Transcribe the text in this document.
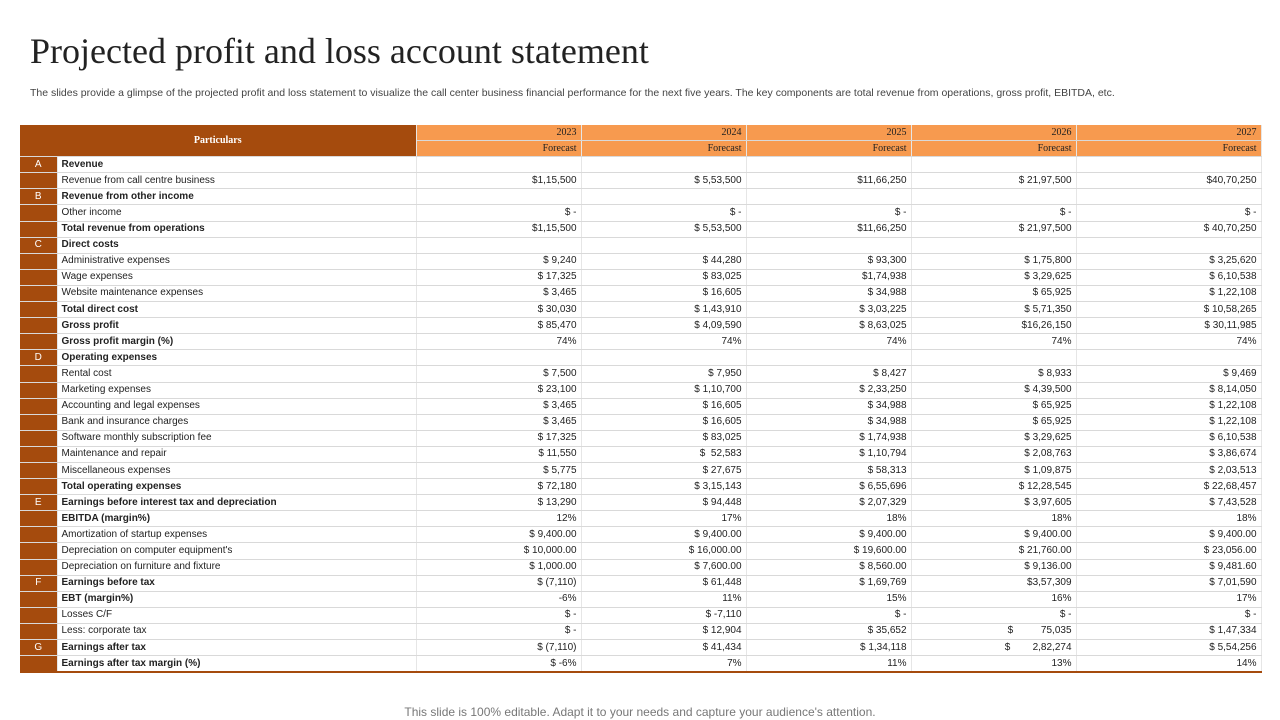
Projected profit and loss account statement
The slides provide a glimpse of the projected profit and loss statement to visualize the call center business financial performance for the next five years. The key components are total revenue from operations, gross profit, EBITDA, etc.
Particulars		2023	2024	2025	2026	2027
		Forecast	Forecast	Forecast	Forecast	Forecast
A	Revenue					
	Revenue from call centre business	$1,15,500	$ 5,53,500	$11,66,250	$ 21,97,500	$40,70,250
B	Revenue from other income					
	Other income	$ -	$ -	$ -	$ -	$ -
	Total revenue from operations	$1,15,500	$ 5,53,500	$11,66,250	$ 21,97,500	$ 40,70,250
C	Direct costs					
	Administrative expenses	$ 9,240	$ 44,280	$ 93,300	$ 1,75,800	$ 3,25,620
	Wage expenses	$ 17,325	$ 83,025	$1,74,938	$ 3,29,625	$ 6,10,538
	Website maintenance expenses	$ 3,465	$ 16,605	$ 34,988	$ 65,925	$ 1,22,108
	Total direct cost	$ 30,030	$ 1,43,910	$ 3,03,225	$ 5,71,350	$ 10,58,265
	Gross profit	$ 85,470	$ 4,09,590	$ 8,63,025	$16,26,150	$ 30,11,985
	Gross profit margin (%)	74%	74%	74%	74%	74%
D	Operating expenses					
	Rental cost	$ 7,500	$ 7,950	$ 8,427	$ 8,933	$ 9,469
	Marketing expenses	$ 23,100	$ 1,10,700	$ 2,33,250	$ 4,39,500	$ 8,14,050
	Accounting and legal expenses	$ 3,465	$ 16,605	$ 34,988	$ 65,925	$ 1,22,108
	Bank and insurance charges	$ 3,465	$ 16,605	$ 34,988	$ 65,925	$ 1,22,108
	Software monthly subscription fee	$ 17,325	$ 83,025	$ 1,74,938	$ 3,29,625	$ 6,10,538
	Maintenance and repair	$ 11,550	$  52,583	$ 1,10,794	$ 2,08,763	$ 3,86,674
	Miscellaneous expenses	$ 5,775	$ 27,675	$ 58,313	$ 1,09,875	$ 2,03,513
	Total operating expenses	$ 72,180	$ 3,15,143	$ 6,55,696	$ 12,28,545	$ 22,68,457
E	Earnings before interest tax and depreciation	$ 13,290	$ 94,448	$ 2,07,329	$ 3,97,605	$ 7,43,528
	EBITDA (margin%)	12%	17%	18%	18%	18%
	Amortization of startup expenses	$ 9,400.00	$ 9,400.00	$ 9,400.00	$ 9,400.00	$ 9,400.00
	Depreciation on computer equipment's	$ 10,000.00	$ 16,000.00	$ 19,600.00	$ 21,760.00	$ 23,056.00
	Depreciation on furniture and fixture	$ 1,000.00	$ 7,600.00	$ 8,560.00	$ 9,136.00	$ 9,481.60
F	Earnings before tax	$ (7,110)	$ 61,448	$ 1,69,769	$3,57,309	$ 7,01,590
	EBT (margin%)	-6%	11%	15%	16%	17%
	Losses C/F	$ -	$ -7,110	$ -	$ -	$ -
	Less: corporate tax	$ -	$ 12,904	$ 35,652	$          75,035	$ 1,47,334
G	Earnings after tax	$ (7,110)	$ 41,434	$ 1,34,118	$        2,82,274	$ 5,54,256
	Earnings after tax margin (%)	$ -6%	7%	11%	13%	14%
This slide is 100% editable. Adapt it to your needs and capture your audience's attention.
